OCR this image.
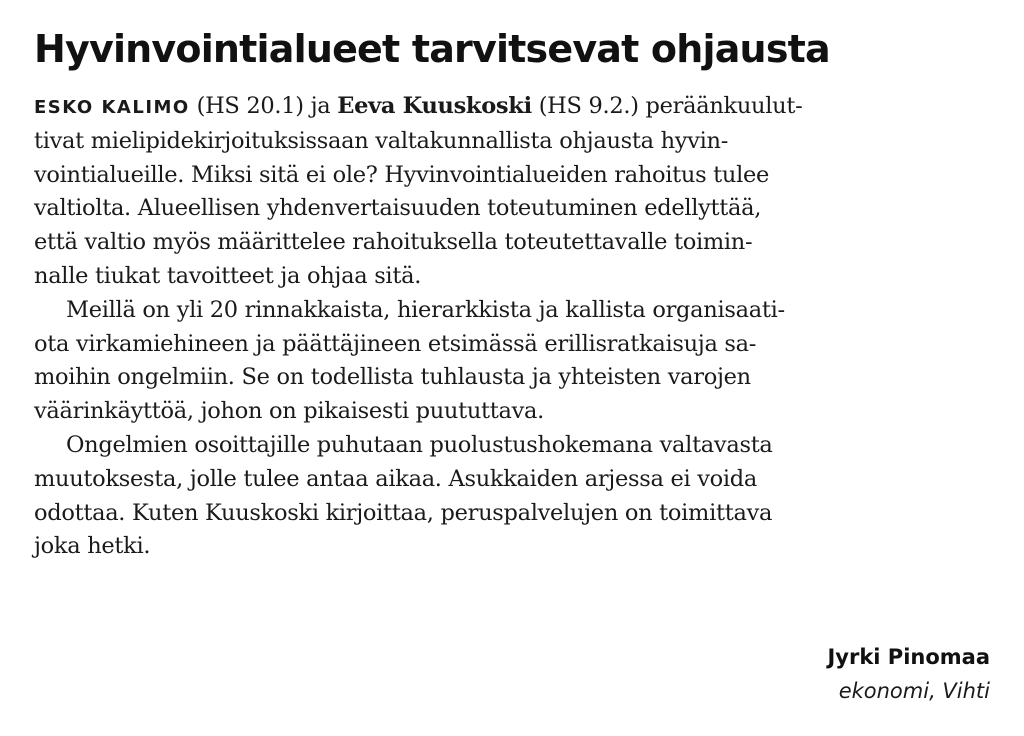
Hyvinvointialueet tarvitsevat ohjausta

ESKO KALIMO (HS 20.1) ja Eeva Kuuskoski (HS 9.2.) peräänkuulut-
tivat mielipidekirjoituksissaan valtakunnallista ohjausta hyvin-
vointialueille. Miksi sitä ei ole? Hyvinvointialueiden rahoitus tulee
valtiolta. Alueellisen yhdenvertaisuuden toteutuminen edellyttää,
että valtio myös määrittelee rahoituksella toteutettavalle toimin-
nalle tiukat tavoitteet ja ohjaa sitä.

Meillä on yli 20 rinnakkaista, hierarkkista ja kallista organisaati-
ota virkamiehineen ja päättäjineen etsimässä erillisratkaisuja sa-
moihin ongelmiin. Se on todellista tuhlausta ja yhteisten varojen
väärinkäyttöä, johon on pikaisesti puututtava.

Ongelmien osoittajille puhutaan puolustushokemana valtavasta
muutoksesta, jolle tulee antaa aikaa. Asukkaiden arjessa ei voida
odottaa. Kuten Kuuskoski kirjoittaa, peruspalvelujen on toimittava
joka hetki.

Jyrki Pinomaa
ekonomi, Vihti
